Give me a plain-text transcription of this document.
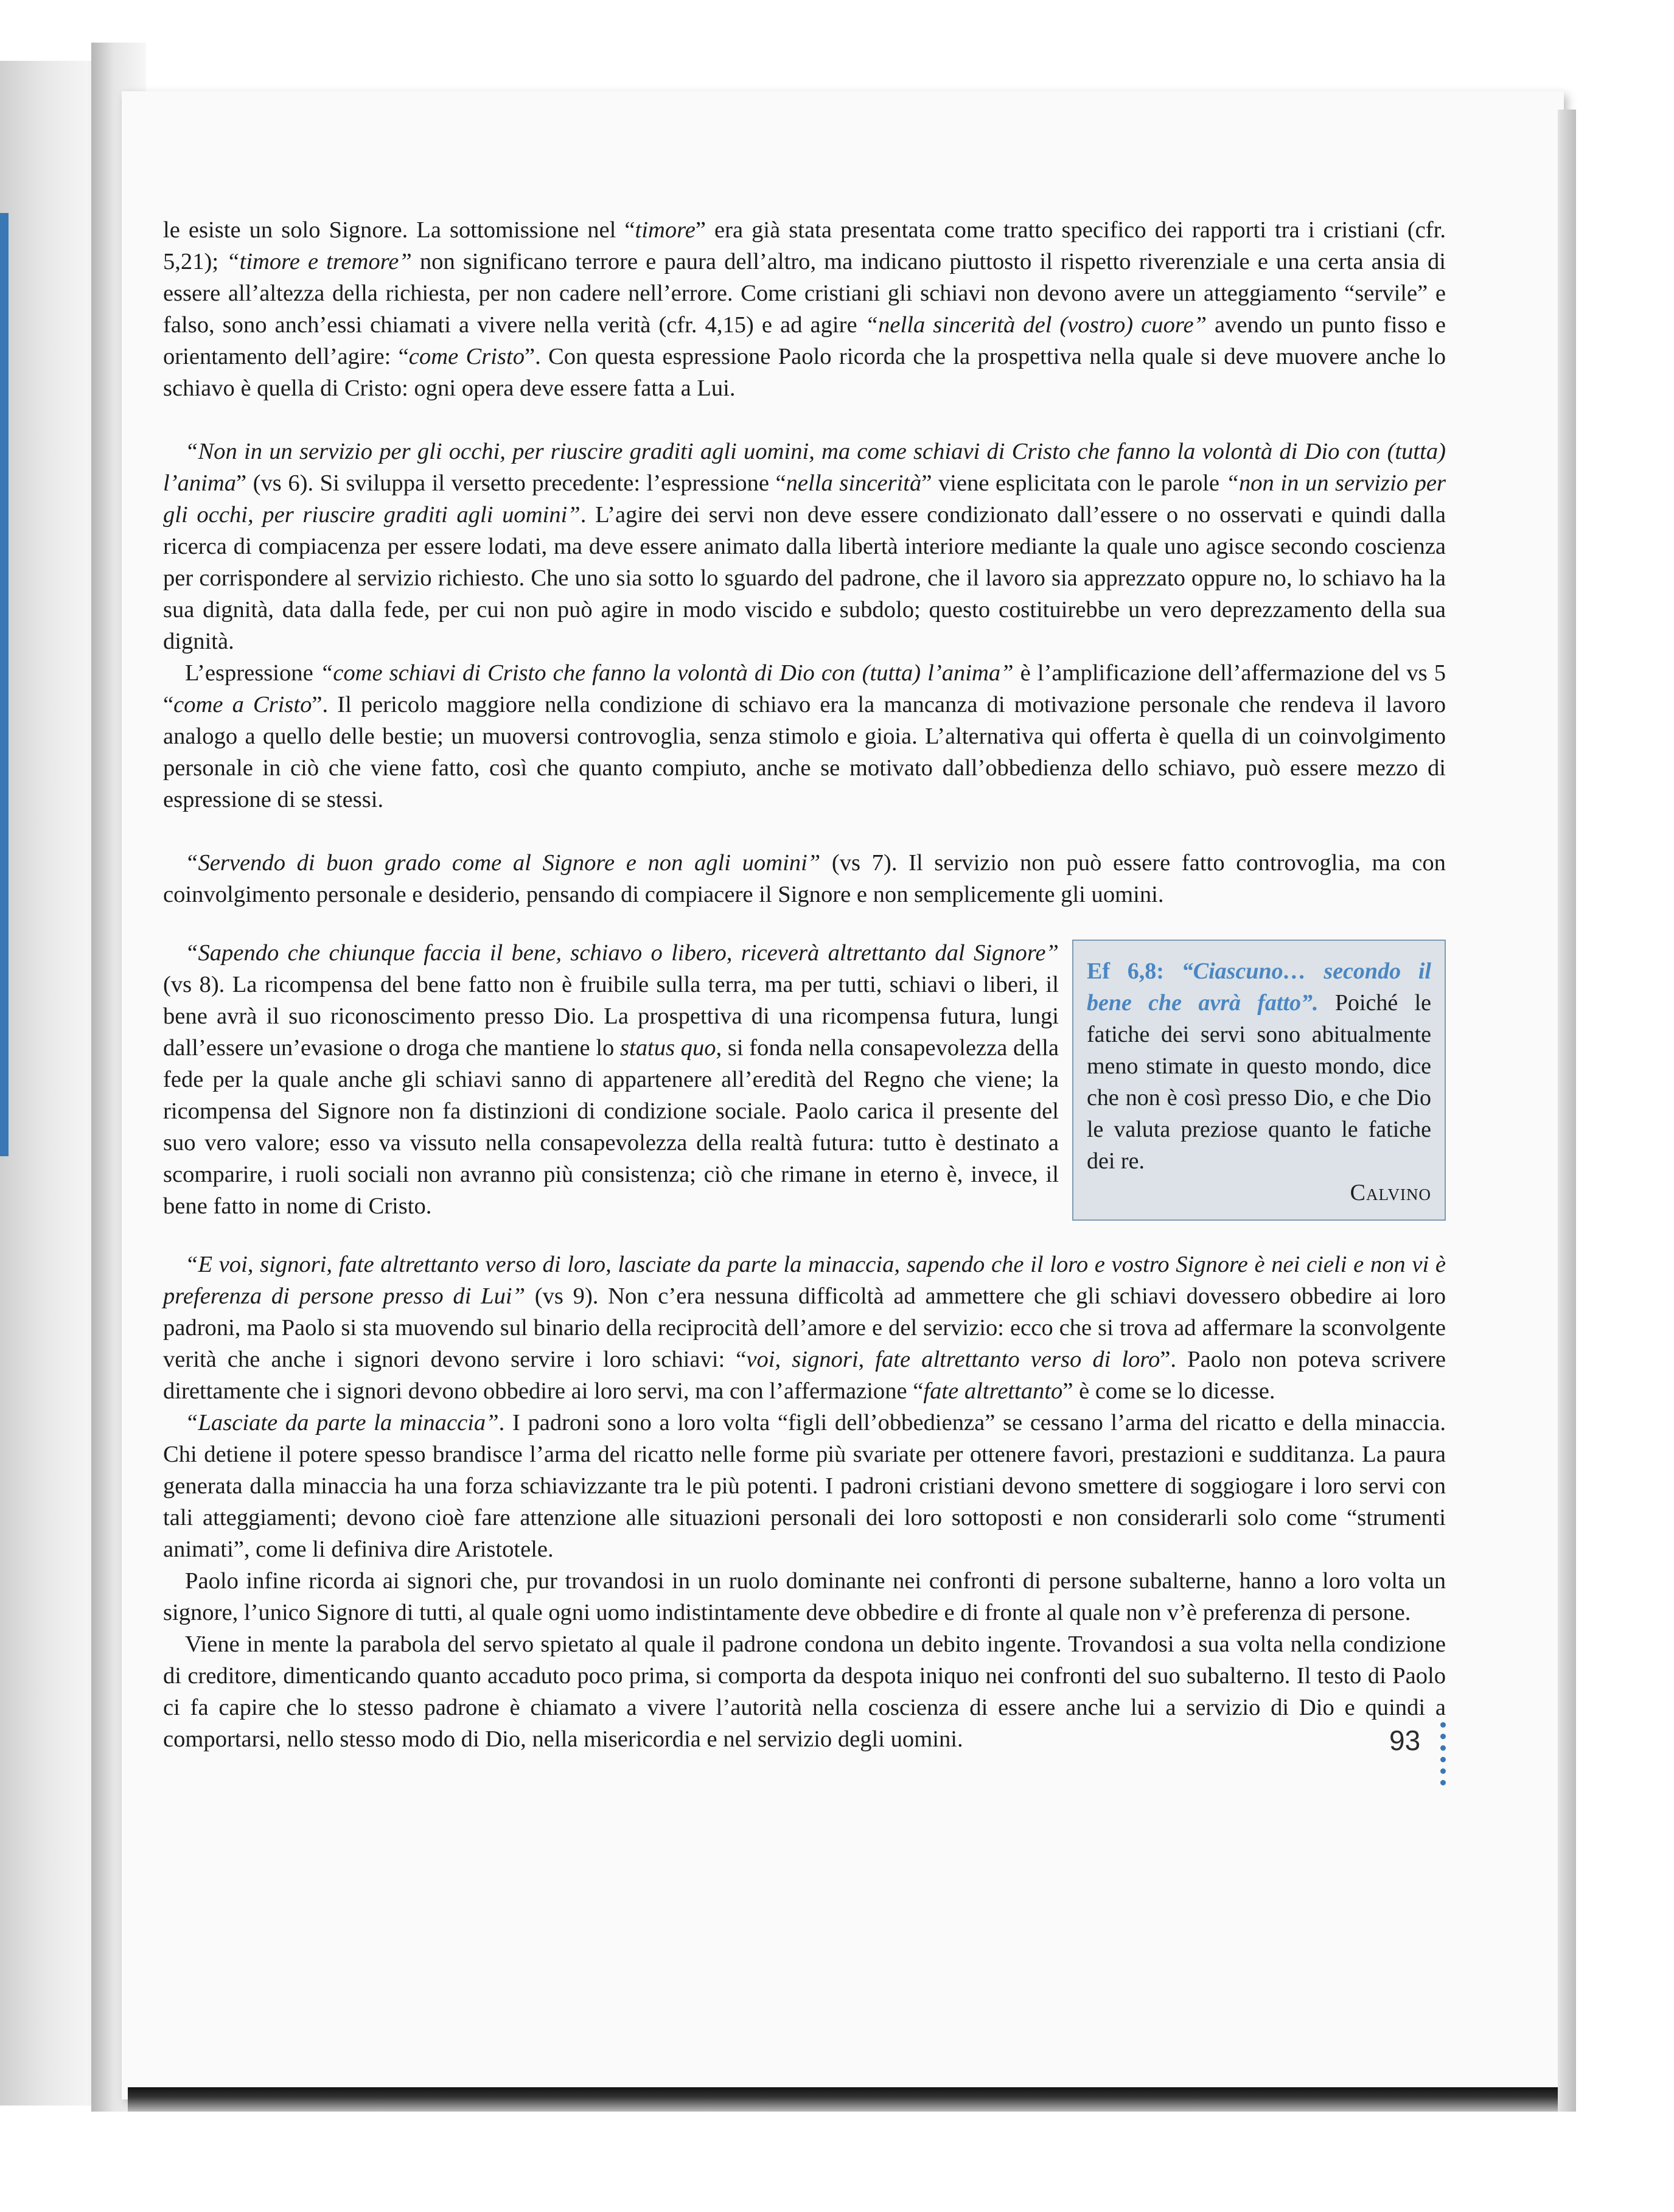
le esiste un solo Signore. La sottomissione nel “timore” era già stata presentata come tratto specifico dei rapporti tra i cristiani (cfr. 5,21); “timore e tremore” non significano terrore e paura dell’altro, ma indicano piuttosto il rispetto riverenziale e una certa ansia di essere all’altezza della richiesta, per non cadere nell’errore. Come cristiani gli schiavi non devono avere un atteggiamento “servile” e falso, sono anch’essi chiamati a vivere nella verità (cfr. 4,15) e ad agire “nella sincerità del (vostro) cuore” avendo un punto fisso e orientamento dell’agire: “come Cristo”. Con questa espressione Paolo ricorda che la prospettiva nella quale si deve muovere anche lo schiavo è quella di Cristo: ogni opera deve essere fatta a Lui.

“Non in un servizio per gli occhi, per riuscire graditi agli uomini, ma come schiavi di Cristo che fanno la volontà di Dio con (tutta) l’anima” (vs 6). Si sviluppa il versetto precedente: l’espressione “nella sincerità” viene esplicitata con le parole “non in un servizio per gli occhi, per riuscire graditi agli uomini”. L’agire dei servi non deve essere condizionato dall’essere o no osservati e quindi dalla ricerca di compiacenza per essere lodati, ma deve essere animato dalla libertà interiore mediante la quale uno agisce secondo coscienza per corrispondere al servizio richiesto. Che uno sia sotto lo sguardo del padrone, che il lavoro sia apprezzato oppure no, lo schiavo ha la sua dignità, data dalla fede, per cui non può agire in modo viscido e subdolo; questo costituirebbe un vero deprezzamento della sua dignità.

L’espressione “come schiavi di Cristo che fanno la volontà di Dio con (tutta) l’anima” è l’amplificazione dell’affermazione del vs 5 “come a Cristo”. Il pericolo maggiore nella condizione di schiavo era la mancanza di motivazione personale che rendeva il lavoro analogo a quello delle bestie; un muoversi controvoglia, senza stimolo e gioia. L’alternativa qui offerta è quella di un coinvolgimento personale in ciò che viene fatto, così che quanto compiuto, anche se motivato dall’obbedienza dello schiavo, può essere mezzo di espressione di se stessi.

“Servendo di buon grado come al Signore e non agli uomini” (vs 7). Il servizio non può essere fatto controvoglia, ma con coinvolgimento personale e desiderio, pensando di compiacere il Signore e non semplicemente gli uomini.

Ef 6,8: “Ciascuno… secondo il bene che avrà fatto”. Poiché le fatiche dei servi sono abitualmente meno stimate in questo mondo, dice che non è così presso Dio, e che Dio le valuta preziose quanto le fatiche dei re.
Calvino

“Sapendo che chiunque faccia il bene, schiavo o libero, riceverà altrettanto dal Signore” (vs 8). La ricompensa del bene fatto non è fruibile sulla terra, ma per tutti, schiavi o liberi, il bene avrà il suo riconoscimento presso Dio. La prospettiva di una ricompensa futura, lungi dall’essere un’evasione o droga che mantiene lo status quo, si fonda nella consapevolezza della fede per la quale anche gli schiavi sanno di appartenere all’eredità del Regno che viene; la ricompensa del Signore non fa distinzioni di condizione sociale. Paolo carica il presente del suo vero valore; esso va vissuto nella consapevolezza della realtà futura: tutto è destinato a scomparire, i ruoli sociali non avranno più consistenza; ciò che rimane in eterno è, invece, il bene fatto in nome di Cristo.

“E voi, signori, fate altrettanto verso di loro, lasciate da parte la minaccia, sapendo che il loro e vostro Signore è nei cieli e non vi è preferenza di persone presso di Lui” (vs 9). Non c’era nessuna difficoltà ad ammettere che gli schiavi dovessero obbedire ai loro padroni, ma Paolo si sta muovendo sul binario della reciprocità dell’amore e del servizio: ecco che si trova ad affermare la sconvolgente verità che anche i signori devono servire i loro schiavi: “voi, signori, fate altrettanto verso di loro”. Paolo non poteva scrivere direttamente che i signori devono obbedire ai loro servi, ma con l’affermazione “fate altrettanto” è come se lo dicesse.

“Lasciate da parte la minaccia”. I padroni sono a loro volta “figli dell’obbedienza” se cessano l’arma del ricatto e della minaccia. Chi detiene il potere spesso brandisce l’arma del ricatto nelle forme più svariate per ottenere favori, prestazioni e sudditanza. La paura generata dalla minaccia ha una forza schiavizzante tra le più potenti. I padroni cristiani devono smettere di soggiogare i loro servi con tali atteggiamenti; devono cioè fare attenzione alle situazioni personali dei loro sottoposti e non considerarli solo come “strumenti animati”, come li definiva dire Aristotele.

Paolo infine ricorda ai signori che, pur trovandosi in un ruolo dominante nei confronti di persone subalterne, hanno a loro volta un signore, l’unico Signore di tutti, al quale ogni uomo indistintamente deve obbedire e di fronte al quale non v’è preferenza di persone.

Viene in mente la parabola del servo spietato al quale il padrone condona un debito ingente. Trovandosi a sua volta nella condizione di creditore, dimenticando quanto accaduto poco prima, si comporta da despota iniquo nei confronti del suo subalterno. Il testo di Paolo ci fa capire che lo stesso padrone è chiamato a vivere l’autorità nella coscienza di essere anche lui a servizio di Dio e quindi a comportarsi, nello stesso modo di Dio, nella misericordia e nel servizio degli uomini.	93
